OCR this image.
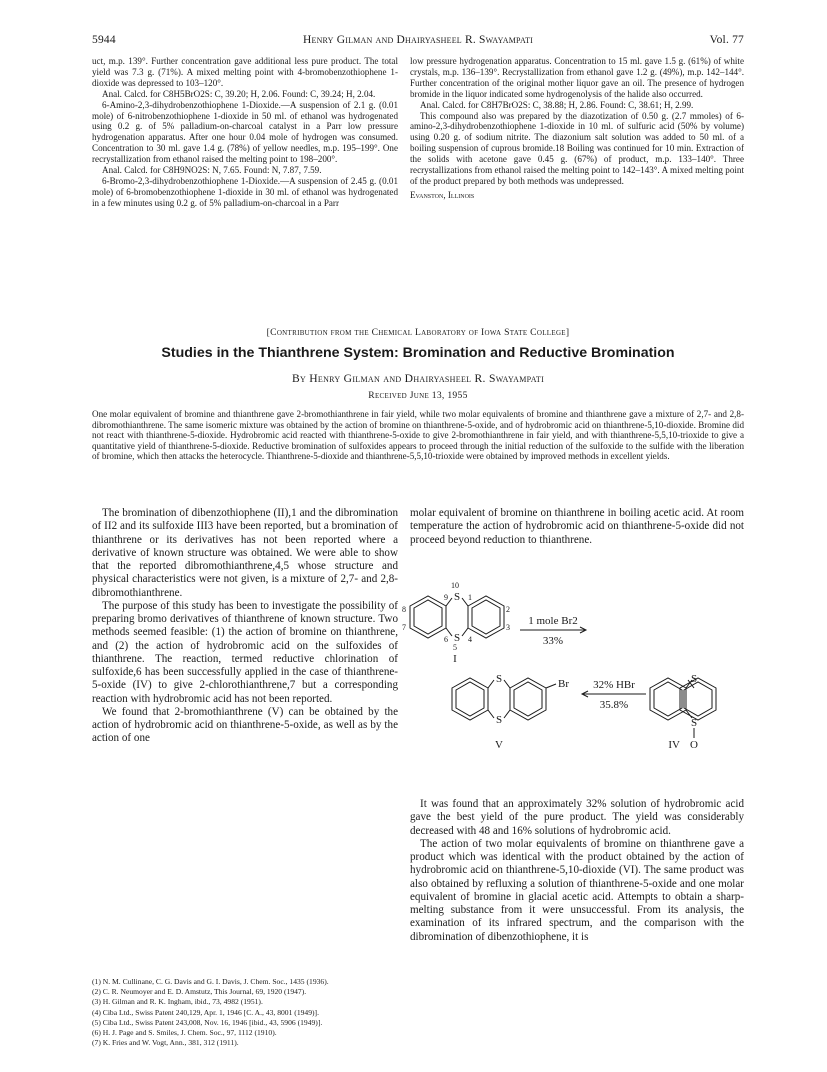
5944	Henry Gilman and Dhairyasheel R. Swayampati	Vol. 77

uct, m.p. 139°. Further concentration gave additional less pure product. The total yield was 7.3 g. (71%). A mixed melting point with 4-bromobenzothiophene 1-dioxide was depressed to 103–120°.

Anal. Calcd. for C8H5BrO2S: C, 39.20; H, 2.06. Found: C, 39.24; H, 2.04.

6-Amino-2,3-dihydrobenzothiophene 1-Dioxide.—A suspension of 2.1 g. (0.01 mole) of 6-nitrobenzothiophene 1-dioxide in 50 ml. of ethanol was hydrogenated using 0.2 g. of 5% palladium-on-charcoal catalyst in a Parr low pressure hydrogenation apparatus. After one hour 0.04 mole of hydrogen was consumed. Concentration to 30 ml. gave 1.4 g. (78%) of yellow needles, m.p. 195–199°. One recrystallization from ethanol raised the melting point to 198–200°.

Anal. Calcd. for C8H9NO2S: N, 7.65. Found: N, 7.87, 7.59.

6-Bromo-2,3-dihydrobenzothiophene 1-Dioxide.—A suspension of 2.45 g. (0.01 mole) of 6-bromobenzothiophene 1-dioxide in 30 ml. of ethanol was hydrogenated in a few minutes using 0.2 g. of 5% palladium-on-charcoal in a Parr

low pressure hydrogenation apparatus. Concentration to 15 ml. gave 1.5 g. (61%) of white crystals, m.p. 136–139°. Recrystallization from ethanol gave 1.2 g. (49%), m.p. 142–144°. Further concentration of the original mother liquor gave an oil. The presence of hydrogen bromide in the liquor indicated some hydrogenolysis of the halide also occurred.

Anal. Calcd. for C8H7BrO2S: C, 38.88; H, 2.86. Found: C, 38.61; H, 2.99.

This compound also was prepared by the diazotization of 0.50 g. (2.7 mmoles) of 6-amino-2,3-dihydrobenzothiophene 1-dioxide in 10 ml. of sulfuric acid (50% by volume) using 0.20 g. of sodium nitrite. The diazonium salt solution was added to 50 ml. of a boiling suspension of cuprous bromide.18 Boiling was continued for 10 min. Extraction of the solids with acetone gave 0.45 g. (67%) of product, m.p. 133–140°. Three recrystallizations from ethanol raised the melting point to 142–143°. A mixed melting point of the product prepared by both methods was undepressed.

Evanston, Illinois

[Contribution from the Chemical Laboratory of Iowa State College]
Studies in the Thianthrene System: Bromination and Reductive Bromination
By Henry Gilman and Dhairyasheel R. Swayampati
Received June 13, 1955

One molar equivalent of bromine and thianthrene gave 2-bromothianthrene in fair yield, while two molar equivalents of bromine and thianthrene gave a mixture of 2,7- and 2,8-dibromothianthrene. The same isomeric mixture was obtained by the action of bromine on thianthrene-5-oxide, and of hydrobromic acid on thianthrene-5,10-dioxide. Bromine did not react with thianthrene-5-dioxide. Hydrobromic acid reacted with thianthrene-5-oxide to give 2-bromothianthrene in fair yield, and with thianthrene-5,5,10-trioxide to give a quantitative yield of thianthrene-5-dioxide. Reductive bromination of sulfoxides appears to proceed through the initial reduction of the sulfoxide to the sulfide with the liberation of bromine, which then attacks the heterocycle. Thianthrene-5-dioxide and thianthrene-5,5,10-trioxide were obtained by improved methods in excellent yields.

The bromination of dibenzothiophene (II),1 and the dibromination of II2 and its sulfoxide III3 have been reported, but a bromination of thianthrene or its derivatives has not been reported where a derivative of known structure was obtained. We were able to show that the reported dibromothianthrene,4,5 whose structure and physical characteristics were not given, is a mixture of 2,7- and 2,8-dibromothianthrene.

The purpose of this study has been to investigate the possibility of preparing bromo derivatives of thianthrene of known structure. Two methods seemed feasible: (1) the action of bromine on thianthrene, and (2) the action of hydrobromic acid on the sulfoxides of thianthrene. The reaction, termed reductive chlorination of sulfoxide,6 has been successfully applied in the case of thianthrene-5-oxide (IV) to give 2-chlorothianthrene,7 but a corresponding reaction with hydrobromic acid has not been reported.

We found that 2-bromothianthrene (V) can be obtained by the action of hydrobromic acid on thianthrene-5-oxide, as well as by the action of one

(1) N. M. Cullinane, C. G. Davis and G. I. Davis, J. Chem. Soc., 1435 (1936).

(2) C. R. Neumoyer and E. D. Amstutz, This Journal, 69, 1920 (1947).

(3) H. Gilman and R. K. Ingham, ibid., 73, 4982 (1951).

(4) Ciba Ltd., Swiss Patent 240,129, Apr. 1, 1946 [C. A., 43, 8001 (1949)].

(5) Ciba Ltd., Swiss Patent 243,008, Nov. 16, 1946 [ibid., 43, 5906 (1949)].

(6) H. J. Page and S. Smiles, J. Chem. Soc., 97, 1112 (1910).

(7) K. Fries and W. Vogt, Ann., 381, 312 (1911).

molar equivalent of bromine on thianthrene in boiling acetic acid. At room temperature the action of hydrobromic acid on thianthrene-5-oxide did not proceed beyond reduction to thianthrene.

10
9	1
8	2
7	3
6	4
5
S
S
I
1 mole Br2
33%
S
S
Br 32% HBr
35.8%
V
S
S
IV O

It was found that an approximately 32% solution of hydrobromic acid gave the best yield of the pure product. The yield was considerably decreased with 48 and 16% solutions of hydrobromic acid.

The action of two molar equivalents of bromine on thianthrene gave a product which was identical with the product obtained by the action of hydrobromic acid on thianthrene-5,10-dioxide (VI). The same product was also obtained by refluxing a solution of thianthrene-5-oxide and one molar equivalent of bromine in glacial acetic acid. Attempts to obtain a sharp-melting substance from it were unsuccessful. From its analysis, the examination of its infrared spectrum, and the comparison with the dibromination of dibenzothiophene, it is
